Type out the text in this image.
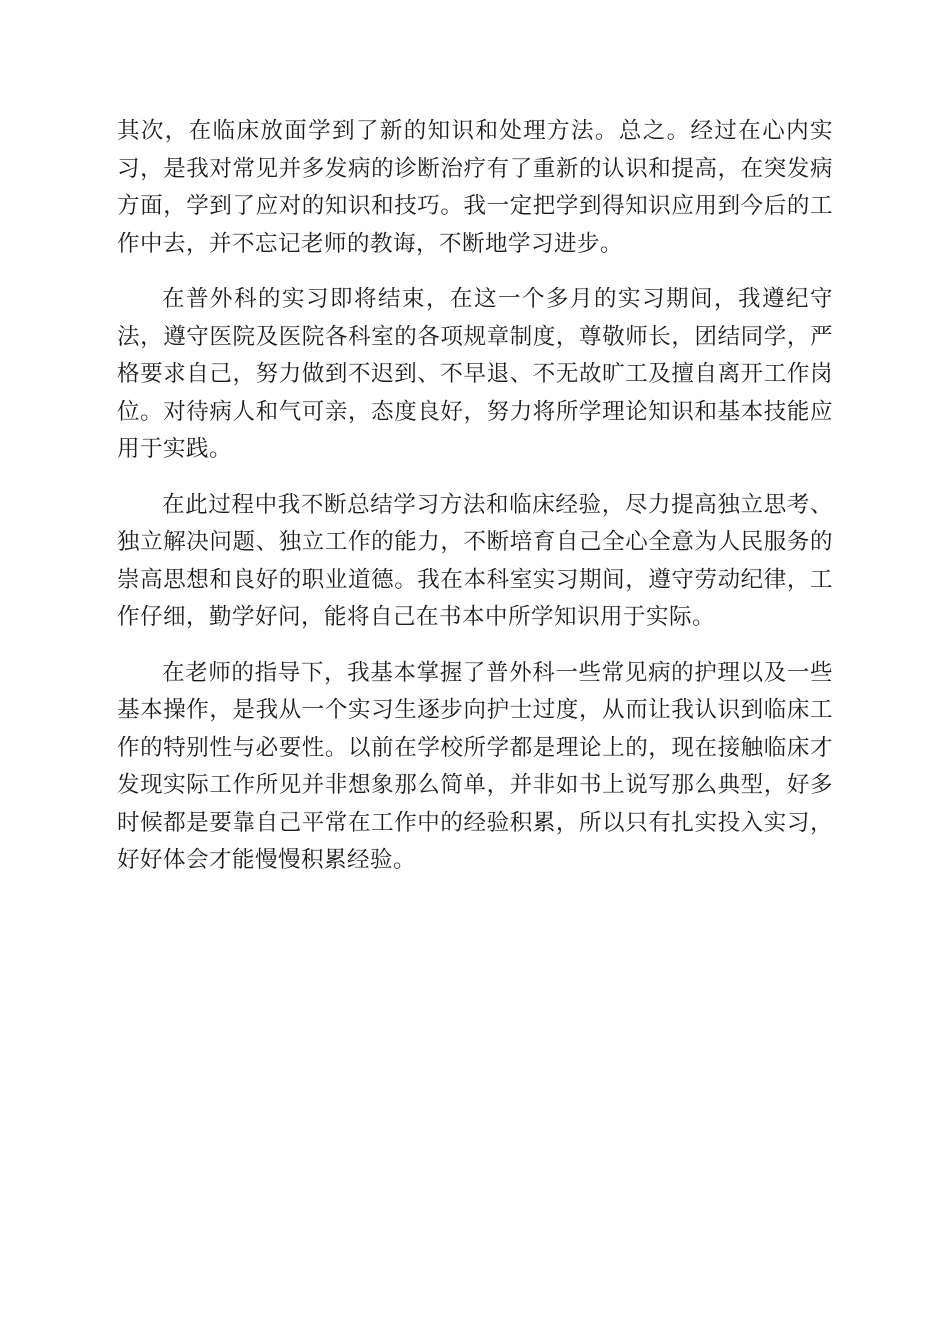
其次，在临床放面学到了新的知识和处理方法。总之。经过在心内实习，是我对常见并多发病的诊断治疗有了重新的认识和提高，在突发病方面，学到了应对的知识和技巧。我一定把学到得知识应用到今后的工作中去，并不忘记老师的教诲，不断地学习进步。

在普外科的实习即将结束，在这一个多月的实习期间，我遵纪守法，遵守医院及医院各科室的各项规章制度，尊敬师长，团结同学，严格要求自己，努力做到不迟到、不早退、不无故旷工及擅自离开工作岗位。对待病人和气可亲，态度良好，努力将所学理论知识和基本技能应用于实践。

在此过程中我不断总结学习方法和临床经验，尽力提高独立思考、独立解决问题、独立工作的能力，不断培育自己全心全意为人民服务的崇高思想和良好的职业道德。我在本科室实习期间，遵守劳动纪律，工作仔细，勤学好问，能将自己在书本中所学知识用于实际。

在老师的指导下，我基本掌握了普外科一些常见病的护理以及一些基本操作，是我从一个实习生逐步向护士过度，从而让我认识到临床工作的特别性与必要性。以前在学校所学都是理论上的，现在接触临床才发现实际工作所见并非想象那么简单，并非如书上说写那么典型，好多时候都是要靠自己平常在工作中的经验积累，所以只有扎实投入实习，好好体会才能慢慢积累经验。
